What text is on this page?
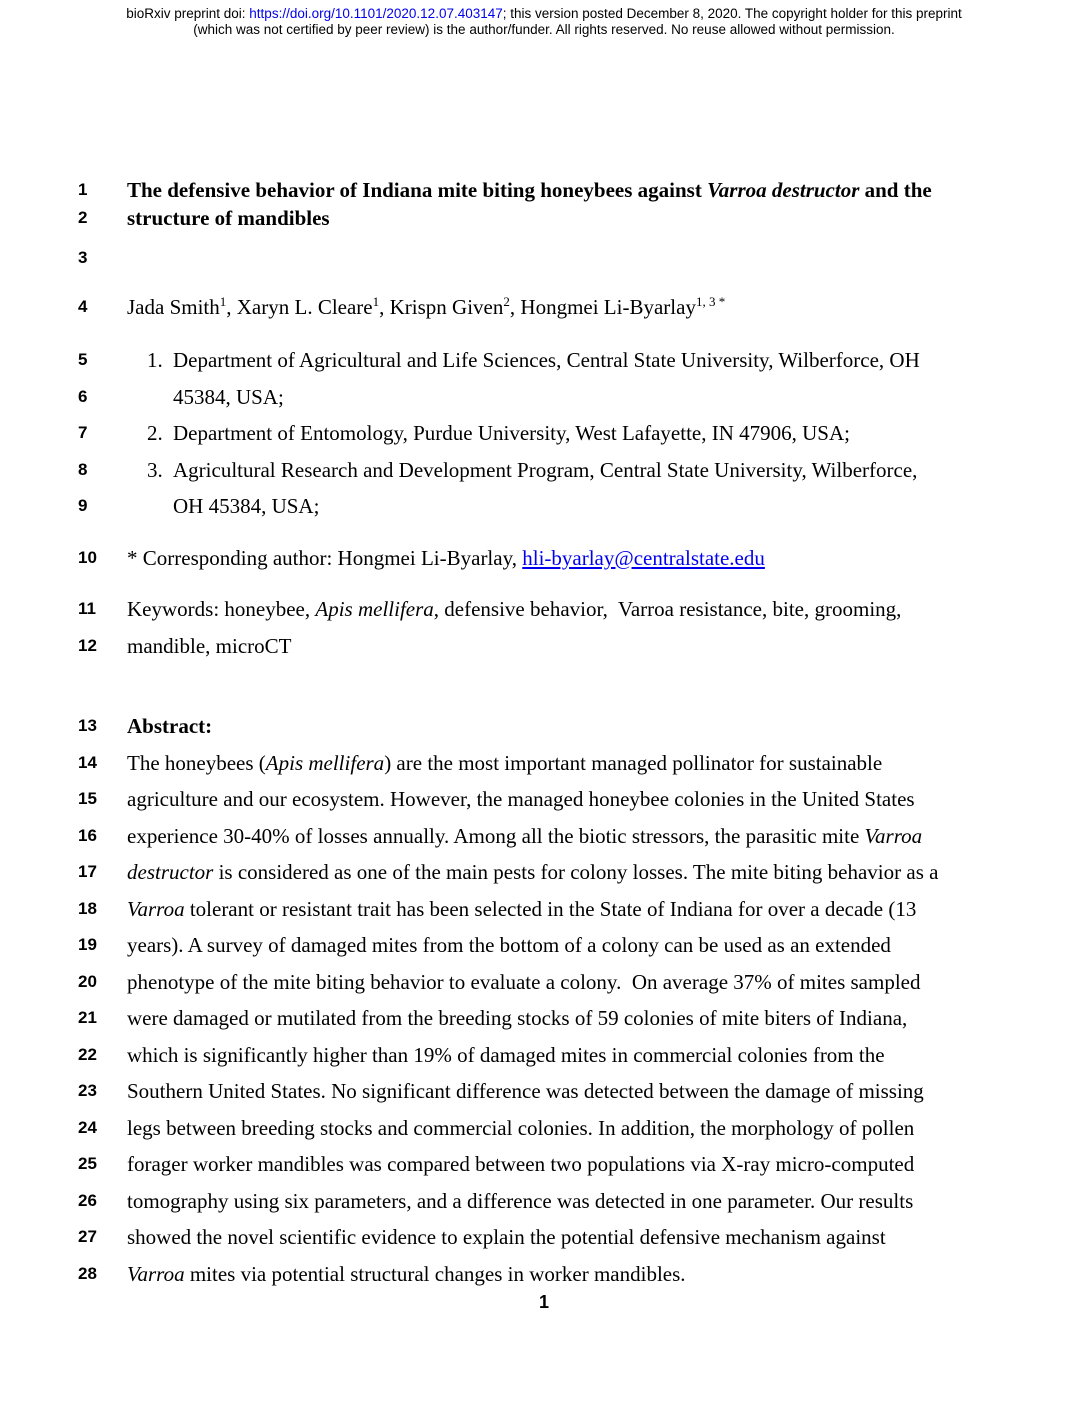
bioRxiv preprint doi: https://doi.org/10.1101/2020.12.07.403147; this version posted December 8, 2020. The copyright holder for this preprint
(which was not certified by peer review) is the author/funder. All rights reserved. No reuse allowed without permission.
1 The defensive behavior of Indiana mite biting honeybees against Varroa destructor and the
2 structure of mandibles
3
4 Jada Smith$^1$, Xaryn L. Cleare$^1$, Krispn Given$^2$, Hongmei Li-Byarlay$^{1, 3 *}$
5	1. Department of Agricultural and Life Sciences, Central State University, Wilberforce, OH
6	45384, USA;
7	2. Department of Entomology, Purdue University, West Lafayette, IN 47906, USA;
8	3. Agricultural Research and Development Program, Central State University, Wilberforce,
9	OH 45384, USA;
10 * Corresponding author: Hongmei Li-Byarlay, hli-byarlay@centralstate.edu
11 Keywords: honeybee, Apis mellifera, defensive behavior,  Varroa resistance, bite, grooming,
12 mandible, microCT
13 Abstract:
14 The honeybees (Apis mellifera) are the most important managed pollinator for sustainable
15 agriculture and our ecosystem. However, the managed honeybee colonies in the United States
16 experience 30-40% of losses annually. Among all the biotic stressors, the parasitic mite Varroa
17 destructor is considered as one of the main pests for colony losses. The mite biting behavior as a
18 Varroa tolerant or resistant trait has been selected in the State of Indiana for over a decade (13
19 years). A survey of damaged mites from the bottom of a colony can be used as an extended
20 phenotype of the mite biting behavior to evaluate a colony.  On average 37% of mites sampled
21 were damaged or mutilated from the breeding stocks of 59 colonies of mite biters of Indiana,
22 which is significantly higher than 19% of damaged mites in commercial colonies from the
23 Southern United States. No significant difference was detected between the damage of missing
24 legs between breeding stocks and commercial colonies. In addition, the morphology of pollen
25 forager worker mandibles was compared between two populations via X-ray micro-computed
26 tomography using six parameters, and a difference was detected in one parameter. Our results
27 showed the novel scientific evidence to explain the potential defensive mechanism against
28 Varroa mites via potential structural changes in worker mandibles.
1
